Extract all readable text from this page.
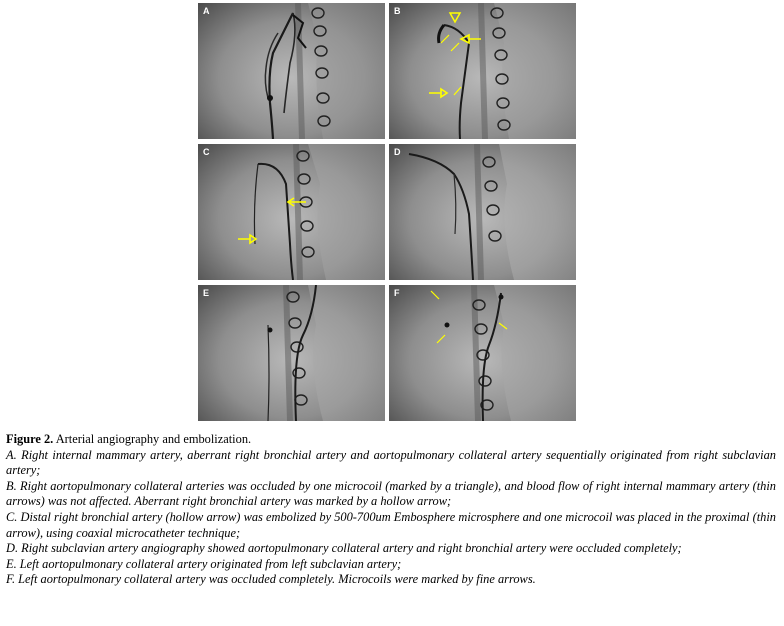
A	B
C	D
E	F

Figure 2. Arterial angiography and embolization.

A. Right internal mammary artery, aberrant right bronchial artery and aortopulmonary collateral artery sequentially originated from right subclavian artery;

B. Right aortopulmonary collateral arteries was occluded by one microcoil (marked by a triangle), and blood flow of right internal mammary artery (thin arrows) was not affected. Aberrant right bronchial artery was marked by a hollow arrow;

C. Distal right bronchial artery (hollow arrow) was embolized by 500-700um Embosphere microsphere and one microcoil was placed in the proximal (thin arrow), using coaxial microcatheter technique;

D. Right subclavian artery angiography showed aortopulmonary collateral artery and right bronchial artery were occluded completely;

E. Left aortopulmonary collateral artery originated from left subclavian artery;

F. Left aortopulmonary collateral artery was occluded completely. Microcoils were marked by fine arrows.
